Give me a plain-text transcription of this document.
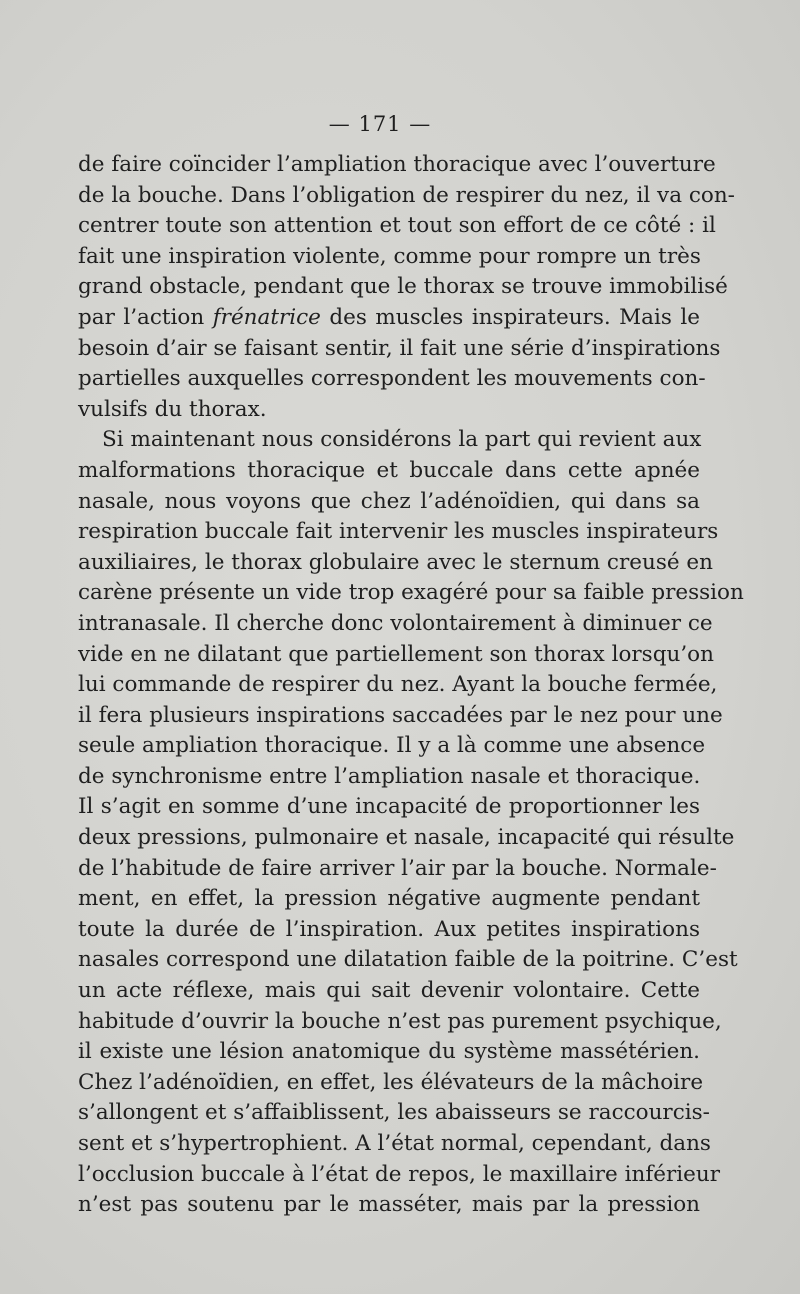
— 171 —
de faire coïncider l’ampliation thoracique avec l’ouverture
de la bouche. Dans l’obligation de respirer du nez, il va con-
centrer toute son attention et tout son effort de ce côté : il
fait une inspiration violente, comme pour rompre un très
grand obstacle, pendant que le thorax se trouve immobilisé
par l’action frénatrice des muscles inspirateurs. Mais le
besoin d’air se faisant sentir, il fait une série d’inspirations
partielles auxquelles correspondent les mouvements con-
vulsifs du thorax.
Si maintenant nous considérons la part qui revient aux
malformations thoracique et buccale dans cette apnée
nasale, nous voyons que chez l’adénoïdien, qui dans sa
respiration buccale fait intervenir les muscles inspirateurs
auxiliaires, le thorax globulaire avec le sternum creusé en
carène présente un vide trop exagéré pour sa faible pression
intranasale. Il cherche donc volontairement à diminuer ce
vide en ne dilatant que partiellement son thorax lorsqu’on
lui commande de respirer du nez. Ayant la bouche fermée,
il fera plusieurs inspirations saccadées par le nez pour une
seule ampliation thoracique. Il y a là comme une absence
de synchronisme entre l’ampliation nasale et thoracique.
Il s’agit en somme d’une incapacité de proportionner les
deux pressions, pulmonaire et nasale, incapacité qui résulte
de l’habitude de faire arriver l’air par la bouche. Normale-
ment, en effet, la pression négative augmente pendant
toute la durée de l’inspiration. Aux petites inspirations
nasales correspond une dilatation faible de la poitrine. C’est
un acte réflexe, mais qui sait devenir volontaire. Cette
habitude d’ouvrir la bouche n’est pas purement psychique,
il existe une lésion anatomique du système massétérien.
Chez l’adénoïdien, en effet, les élévateurs de la mâchoire
s’allongent et s’affaiblissent, les abaisseurs se raccourcis-
sent et s’hypertrophient. A l’état normal, cependant, dans
l’occlusion buccale à l’état de repos, le maxillaire inférieur
n’est pas soutenu par le masséter, mais par la pression
